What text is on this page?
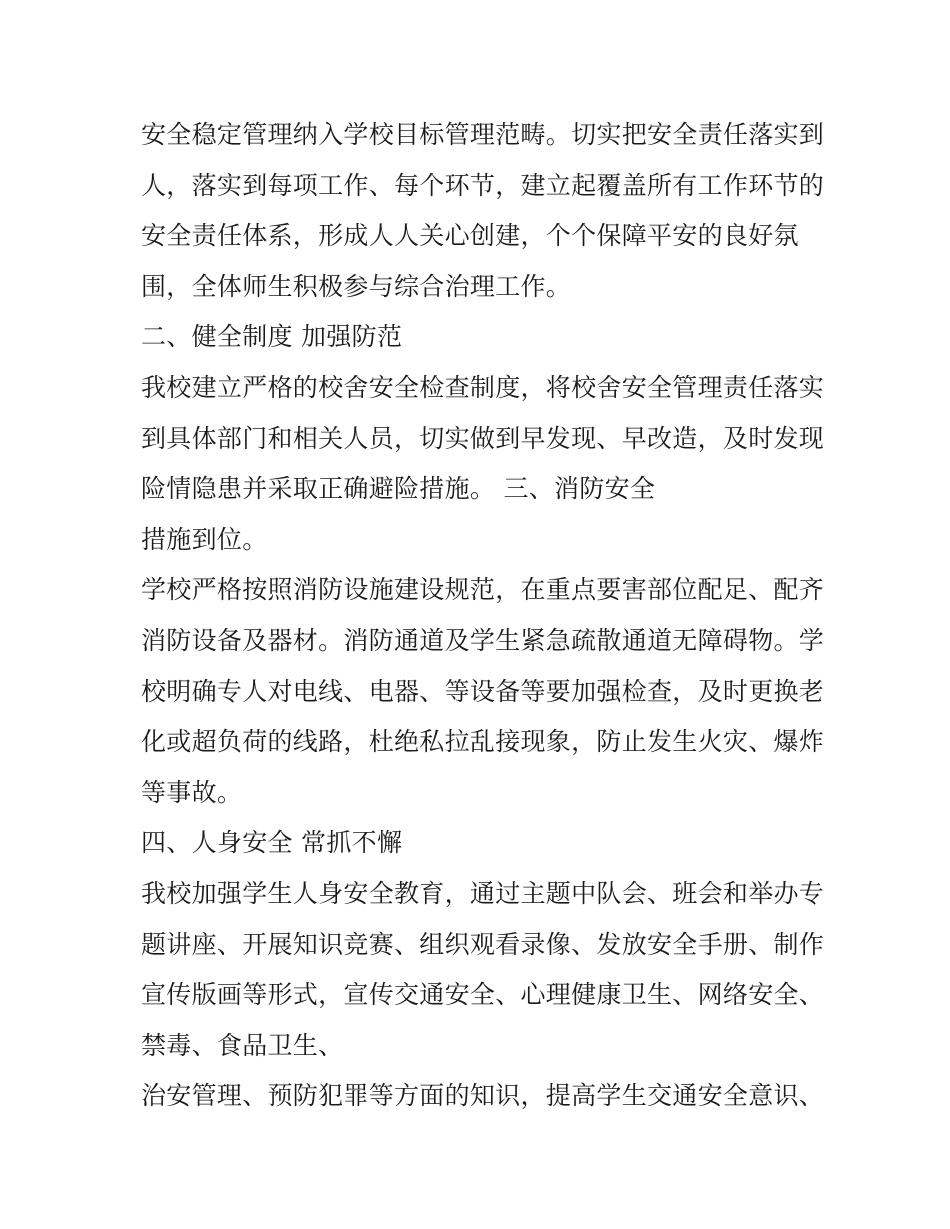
安全稳定管理纳入学校目标管理范畴。切实把安全责任落实到
人，落实到每项工作、每个环节，建立起覆盖所有工作环节的
安全责任体系，形成人人关心创建，个个保障平安的良好氛
围，全体师生积极参与综合治理工作。
二、健全制度 加强防范
我校建立严格的校舍安全检查制度，将校舍安全管理责任落实
到具体部门和相关人员，切实做到早发现、早改造，及时发现
险情隐患并采取正确避险措施。 三、消防安全
措施到位。
学校严格按照消防设施建设规范，在重点要害部位配足、配齐
消防设备及器材。消防通道及学生紧急疏散通道无障碍物。学
校明确专人对电线、电器、等设备等要加强检查，及时更换老
化或超负荷的线路，杜绝私拉乱接现象，防止发生火灾、爆炸
等事故。
四、人身安全 常抓不懈
我校加强学生人身安全教育，通过主题中队会、班会和举办专
题讲座、开展知识竞赛、组织观看录像、发放安全手册、制作
宣传版画等形式，宣传交通安全、心理健康卫生、网络安全、
禁毒、食品卫生、
治安管理、预防犯罪等方面的知识，提高学生交通安全意识、
